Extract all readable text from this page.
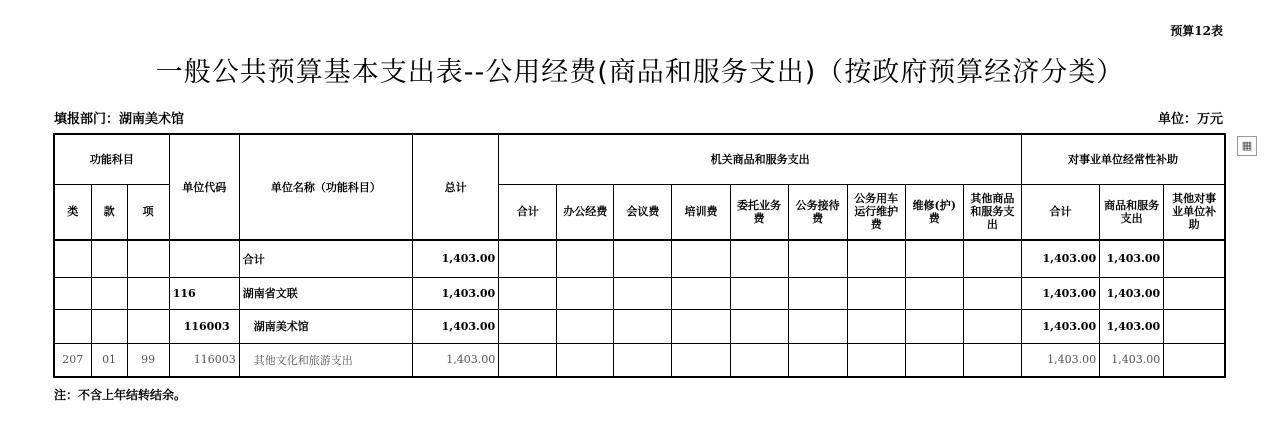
预算12表
一般公共预算基本支出表--公用经费(商品和服务支出)（按政府预算经济分类）
填报部门：湖南美术馆	单位：万元
▦
功能科目			单位代码	单位名称（功能科目）	总计	机关商品和服务支出									对事业单位经常性补助		
类	款	项				合计	办公经费	会议费	培训费	委托业务费	公务接待费	公务用车运行维护费	维修(护)费	其他商品和服务支出	合计	商品和服务支出	其他对事业单位补助
				合计	1,403.00										1,403.00	1,403.00	
			116	湖南省文联	1,403.00										1,403.00	1,403.00	
			116003	湖南美术馆	1,403.00										1,403.00	1,403.00	
207	01	99	116003	其他文化和旅游支出	1,403.00										1,403.00	1,403.00	
注：不含上年结转结余。
